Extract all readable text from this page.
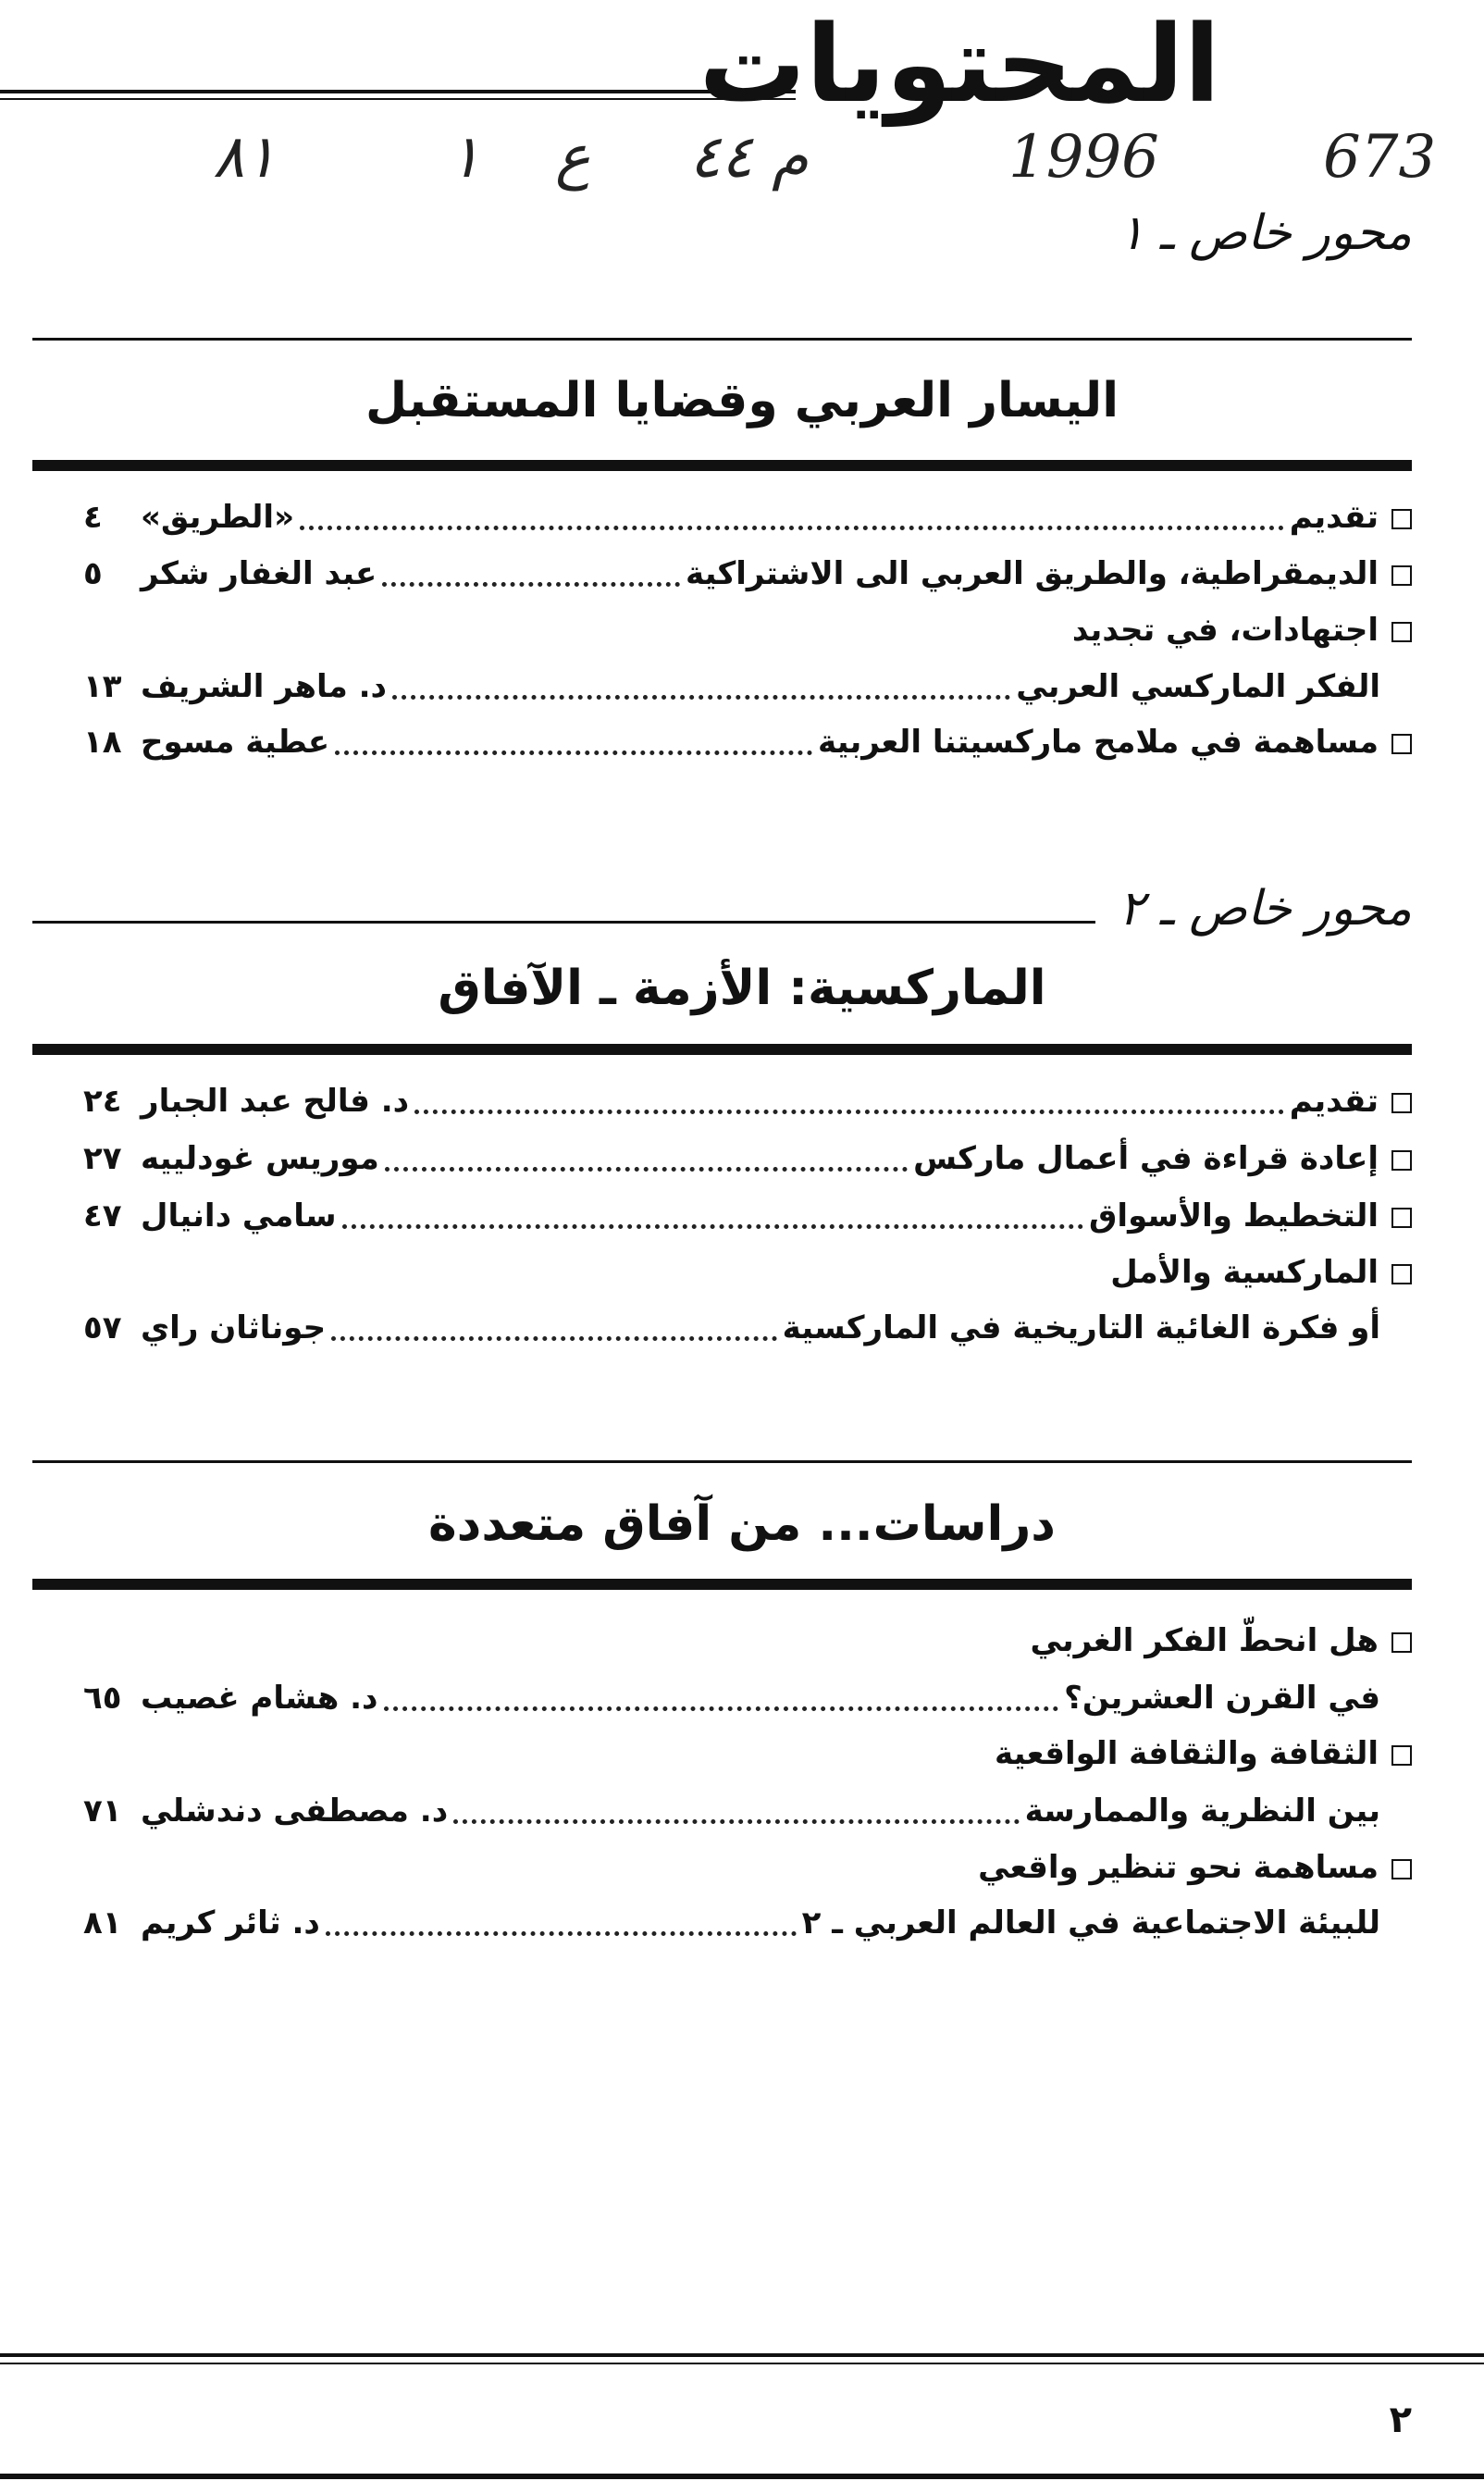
المحتويات
673
1996
م ٤٤
ع
١
٨١
محور خاص ـ ١
اليسار العربي وقضايا المستقبل
تقديم
«الطريق»
٤
الديمقراطية، والطريق العربي الى الاشتراكية
عبد الغفار شكر
٥
اجتهادات، في تجديد
الفكر الماركسي العربي
د. ماهر الشريف
١٣
مساهمة في ملامح ماركسيتنا العربية
عطية مسوح
١٨
محور خاص ـ ٢
الماركسية: الأزمة ـ الآفاق
تقديم
د. فالح عبد الجبار
٢٤
إعادة قراءة في أعمال ماركس
موريس غودلييه
٢٧
التخطيط والأسواق
سامي دانيال
٤٧
الماركسية والأمل
أو فكرة الغائية التاريخية في الماركسية
جوناثان راي
٥٧
دراسات... من آفاق متعددة
هل انحطّ الفكر الغربي
في القرن العشرين؟
د. هشام غصيب
٦٥
الثقافة والثقافة الواقعية
بين النظرية والممارسة
د. مصطفى دندشلي
٧١
مساهمة نحو تنظير واقعي
للبيئة الاجتماعية في العالم العربي ـ ٢
د. ثائر كريم
٨١
٢
